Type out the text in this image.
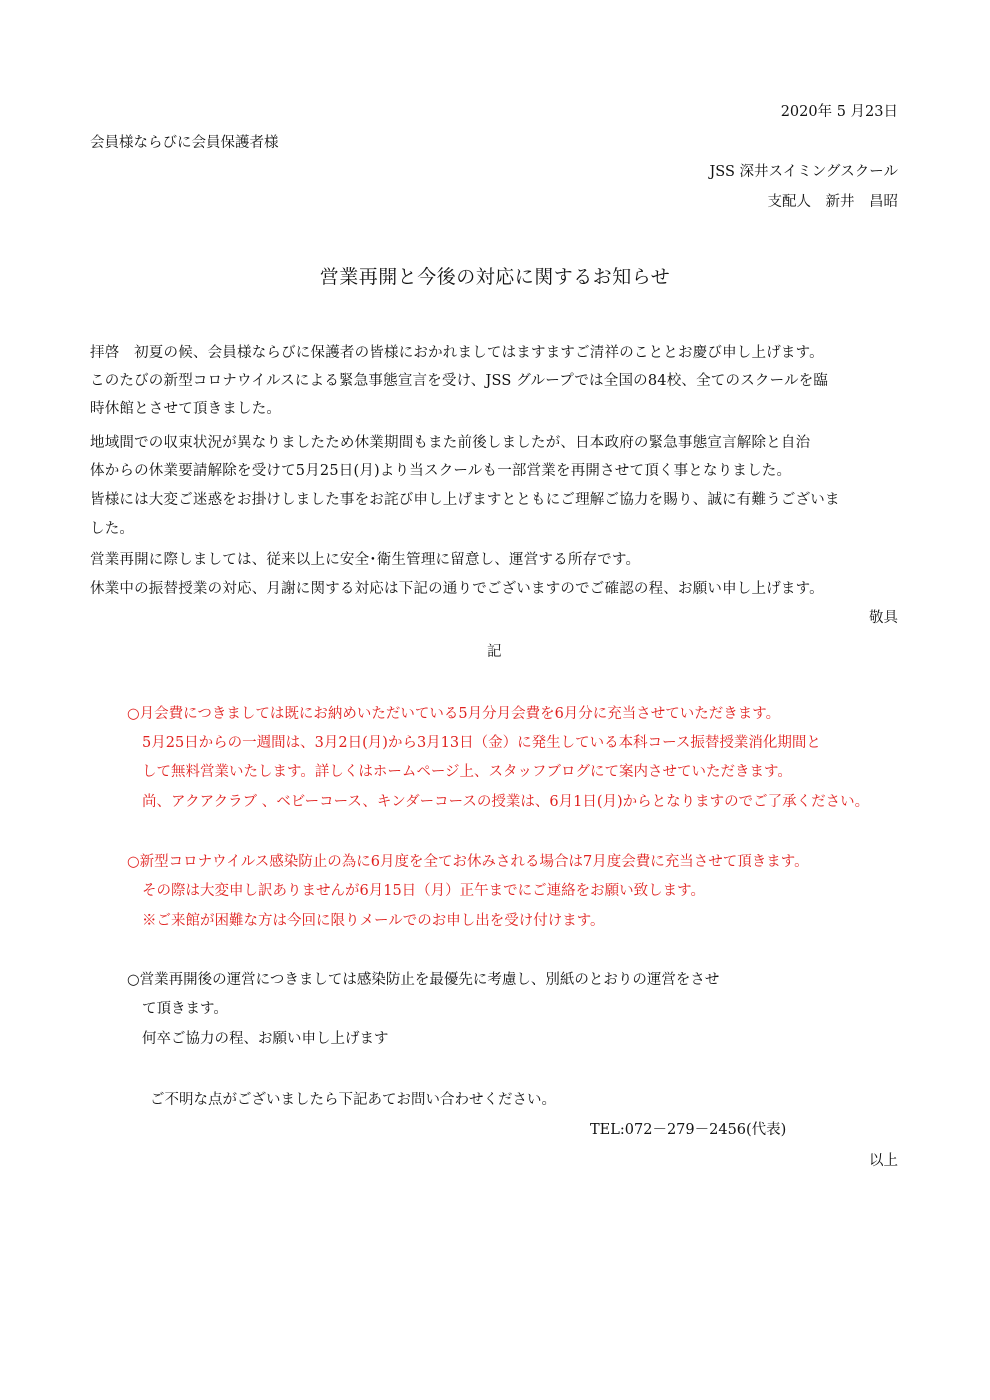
2020年 5 月23日
会員様ならびに会員保護者様
JSS 深井スイミングスクール
支配人　新井　昌昭
営業再開と今後の対応に関するお知らせ
拝啓　初夏の候、会員様ならびに保護者の皆様におかれましてはますますご清祥のこととお慶び申し上げます。
このたびの新型コロナウイルスによる緊急事態宣言を受け、JSS グループでは全国の84校、全てのスクールを臨
時休館とさせて頂きました。
地域間での収束状況が異なりましたため休業期間もまた前後しましたが、日本政府の緊急事態宣言解除と自治
体からの休業要請解除を受けて5月25日(月)より当スクールも一部営業を再開させて頂く事となりました。
皆様には大変ご迷惑をお掛けしました事をお詫び申し上げますとともにご理解ご協力を賜り、誠に有難うございま
した。
営業再開に際しましては、従来以上に安全･衛生管理に留意し、運営する所存です。
休業中の振替授業の対応、月謝に関する対応は下記の通りでございますのでご確認の程、お願い申し上げます。
敬具
記
○月会費につきましては既にお納めいただいている5月分月会費を6月分に充当させていただきます。
5月25日からの一週間は、3月2日(月)から3月13日（金）に発生している本科コース振替授業消化期間と
して無料営業いたします。詳しくはホームページ上、スタッフブログにて案内させていただきます。
尚、アクアクラブ 、ベビーコース、キンダーコースの授業は、6月1日(月)からとなりますのでご了承ください。
○新型コロナウイルス感染防止の為に6月度を全てお休みされる場合は7月度会費に充当させて頂きます。
その際は大変申し訳ありませんが6月15日（月）正午までにご連絡をお願い致します。
※ご来館が困難な方は今回に限りメールでのお申し出を受け付けます。
○営業再開後の運営につきましては感染防止を最優先に考慮し、別紙のとおりの運営をさせ
て頂きます。
何卒ご協力の程、お願い申し上げます
ご不明な点がございましたら下記あてお問い合わせください。
TEL:072－279－2456(代表)
以上
